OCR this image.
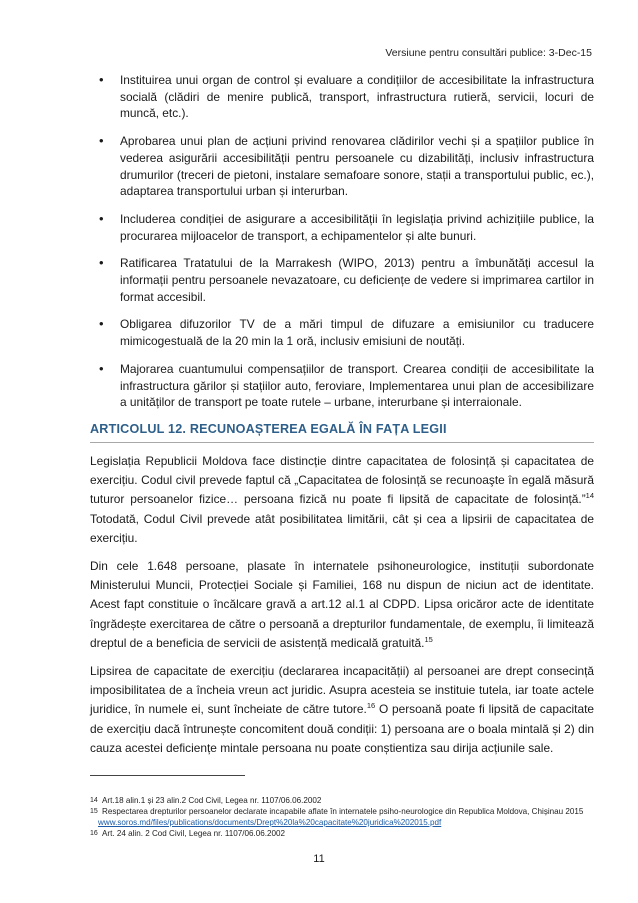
Versiune pentru consultări publice: 3-Dec-15
• Instituirea unui organ de control și evaluare a condițiilor de accesibilitate la infrastructura socială (clădiri de menire publică, transport, infrastructura rutieră, servicii, locuri de muncă, etc.).
• Aprobarea unui plan de acțiuni privind renovarea clădirilor vechi și a spațiilor publice în vederea asigurării accesibilității pentru persoanele cu dizabilități, inclusiv infrastructura drumurilor (treceri de pietoni, instalare semafoare sonore, stații a transportului public, ec.), adaptarea transportului urban și interurban.
• Includerea condiției de asigurare a accesibilității în legislația privind achizițiile publice, la procurarea mijloacelor de transport, a echipamentelor și alte bunuri.
• Ratificarea Tratatului de la Marrakesh (WIPO, 2013) pentru a îmbunătăți accesul la informații pentru persoanele nevazatoare, cu deficiențe de vedere si imprimarea cartilor in format accesibil.
• Obligarea difuzorilor TV de a mări timpul de difuzare a emisiunilor cu traducere mimicogestuală de la 20 min la 1 oră, inclusiv emisiuni de noutăți.
• Majorarea cuantumului compensațiilor de transport. Crearea condiții de accesibilitate la infrastructura gărilor și stațiilor auto, feroviare, Implementarea unui plan de accesibilizare a unităților de transport pe toate rutele – urbane, interurbane și interraionale.
ARTICOLUL 12. RECUNOAȘTEREA EGALĂ ÎN FAȚA LEGII

Legislația Republicii Moldova face distincție dintre capacitatea de folosință și capacitatea de exercițiu. Codul civil prevede faptul că „Capacitatea de folosință se recunoaşte în egală măsură tuturor persoanelor fizice… persoana fizică nu poate fi lipsită de capacitate de folosință.”$^{14}$ Totodată, Codul Civil prevede atât posibilitatea limitării, cât și cea a lipsirii de capacitatea de exercițiu.

Din cele 1.648 persoane, plasate în internatele psihoneurologice, instituții subordonate Ministerului Muncii, Protecției Sociale și Familiei, 168 nu dispun de niciun act de identitate. Acest fapt constituie o încălcare gravă a art.12 al.1 al CDPD. Lipsa oricăror acte de identitate îngrădește exercitarea de către o persoană a drepturilor fundamentale, de exemplu, îi limitează dreptul de a beneficia de servicii de asistență medicală gratuită.$^{15}$

Lipsirea de capacitate de exercițiu (declararea incapacității) al persoanei are drept consecință imposibilitatea de a încheia vreun act juridic. Asupra acesteia se instituie tutela, iar toate actele juridice, în numele ei, sunt încheiate de către tutore.$^{16}$ O persoană poate fi lipsită de capacitate de exercițiu dacă întrunește concomitent două condiții: 1) persoana are o boala mintală și 2) din cauza acestei deficiențe mintale persoana nu poate conștientiza sau dirija acțiunile sale.

14 Art.18 alin.1 și 23 alin.2 Cod Civil, Legea nr. 1107/06.06.2002
15 Respectarea drepturilor persoanelor declarate incapabile aflate în internatele psiho-neurologice din Republica Moldova, Chișinau 2015
www.soros.md/files/publications/documents/Drept%20la%20capacitate%20juridica%202015.pdf
16 Art. 24 alin. 2 Cod Civil, Legea nr. 1107/06.06.2002
11
